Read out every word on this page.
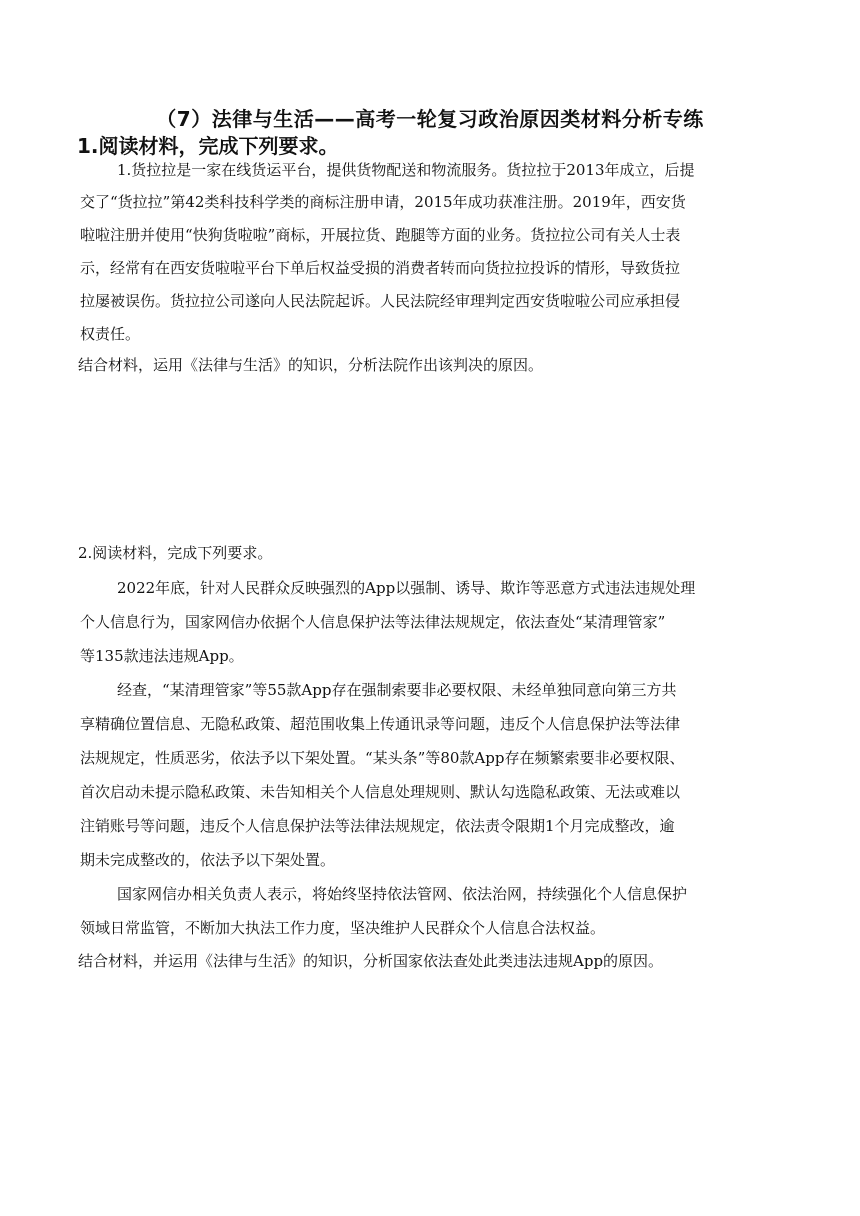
（7）法律与生活——高考一轮复习政治原因类材料分析专练
1.阅读材料，完成下列要求。

1.货拉拉是一家在线货运平台，提供货物配送和物流服务。货拉拉于2013年成立，后提

交了“货拉拉”第42类科技科学类的商标注册申请，2015年成功获准注册。2019年，西安货

啦啦注册并使用“快狗货啦啦”商标，开展拉货、跑腿等方面的业务。货拉拉公司有关人士表

示，经常有在西安货啦啦平台下单后权益受损的消费者转而向货拉拉投诉的情形，导致货拉

拉屡被误伤。货拉拉公司遂向人民法院起诉。人民法院经审理判定西安货啦啦公司应承担侵

权责任。

结合材料，运用《法律与生活》的知识，分析法院作出该判决的原因。

2.阅读材料，完成下列要求。

2022年底，针对人民群众反映强烈的App以强制、诱导、欺诈等恶意方式违法违规处理

个人信息行为，国家网信办依据个人信息保护法等法律法规规定，依法查处“某清理管家”

等135款违法违规App。

经查，“某清理管家”等55款App存在强制索要非必要权限、未经单独同意向第三方共

享精确位置信息、无隐私政策、超范围收集上传通讯录等问题，违反个人信息保护法等法律

法规规定，性质恶劣，依法予以下架处置。“某头条”等80款App存在频繁索要非必要权限、

首次启动未提示隐私政策、未告知相关个人信息处理规则、默认勾选隐私政策、无法或难以

注销账号等问题，违反个人信息保护法等法律法规规定，依法责令限期1个月完成整改，逾

期未完成整改的，依法予以下架处置。

国家网信办相关负责人表示，将始终坚持依法管网、依法治网，持续强化个人信息保护

领域日常监管，不断加大执法工作力度，坚决维护人民群众个人信息合法权益。

结合材料，并运用《法律与生活》的知识，分析国家依法查处此类违法违规App的原因。
